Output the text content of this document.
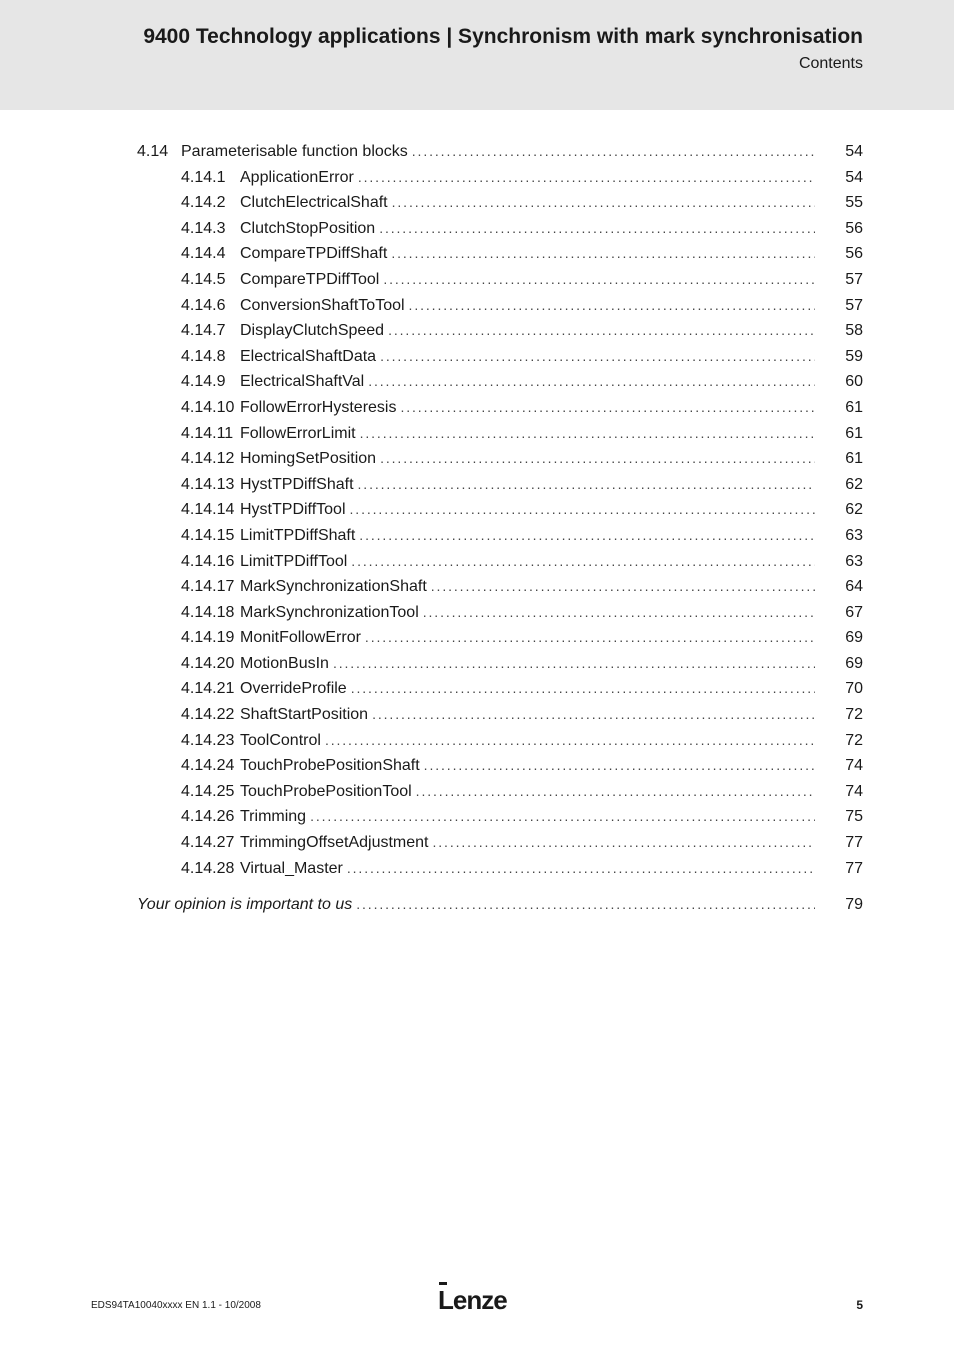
9400 Technology applications | Synchronism with mark synchronisation
Contents
4.14 Parameterisable function blocks . . .	54
4.14.1 ApplicationError . . .	54
4.14.2 ClutchElectricalShaft . . .	55
4.14.3 ClutchStopPosition . . .	56
4.14.4 CompareTPDiffShaft . . .	56
4.14.5 CompareTPDiffTool . . .	57
4.14.6 ConversionShaftToTool . . .	57
4.14.7 DisplayClutchSpeed . . .	58
4.14.8 ElectricalShaftData . . .	59
4.14.9 ElectricalShaftVal . . .	60
4.14.10 FollowErrorHysteresis . . .	61
4.14.11 FollowErrorLimit . . .	61
4.14.12 HomingSetPosition . . .	61
4.14.13 HystTPDiffShaft . . .	62
4.14.14 HystTPDiffTool . . .	62
4.14.15 LimitTPDiffShaft . . .	63
4.14.16 LimitTPDiffTool . . .	63
4.14.17 MarkSynchronizationShaft . . .	64
4.14.18 MarkSynchronizationTool . . .	67
4.14.19 MonitFollowError . . .	69
4.14.20 MotionBusIn . . .	69
4.14.21 OverrideProfile . . .	70
4.14.22 ShaftStartPosition . . .	72
4.14.23 ToolControl . . .	72
4.14.24 TouchProbePositionShaft . . .	74
4.14.25 TouchProbePositionTool . . .	74
4.14.26 Trimming . . .	75
4.14.27 TrimmingOffsetAdjustment . . .	77
4.14.28 Virtual_Master . . .	77
Your opinion is important to us . . .	79
EDS94TA10040xxxx EN 1.1 - 10/2008	Lenze	5
